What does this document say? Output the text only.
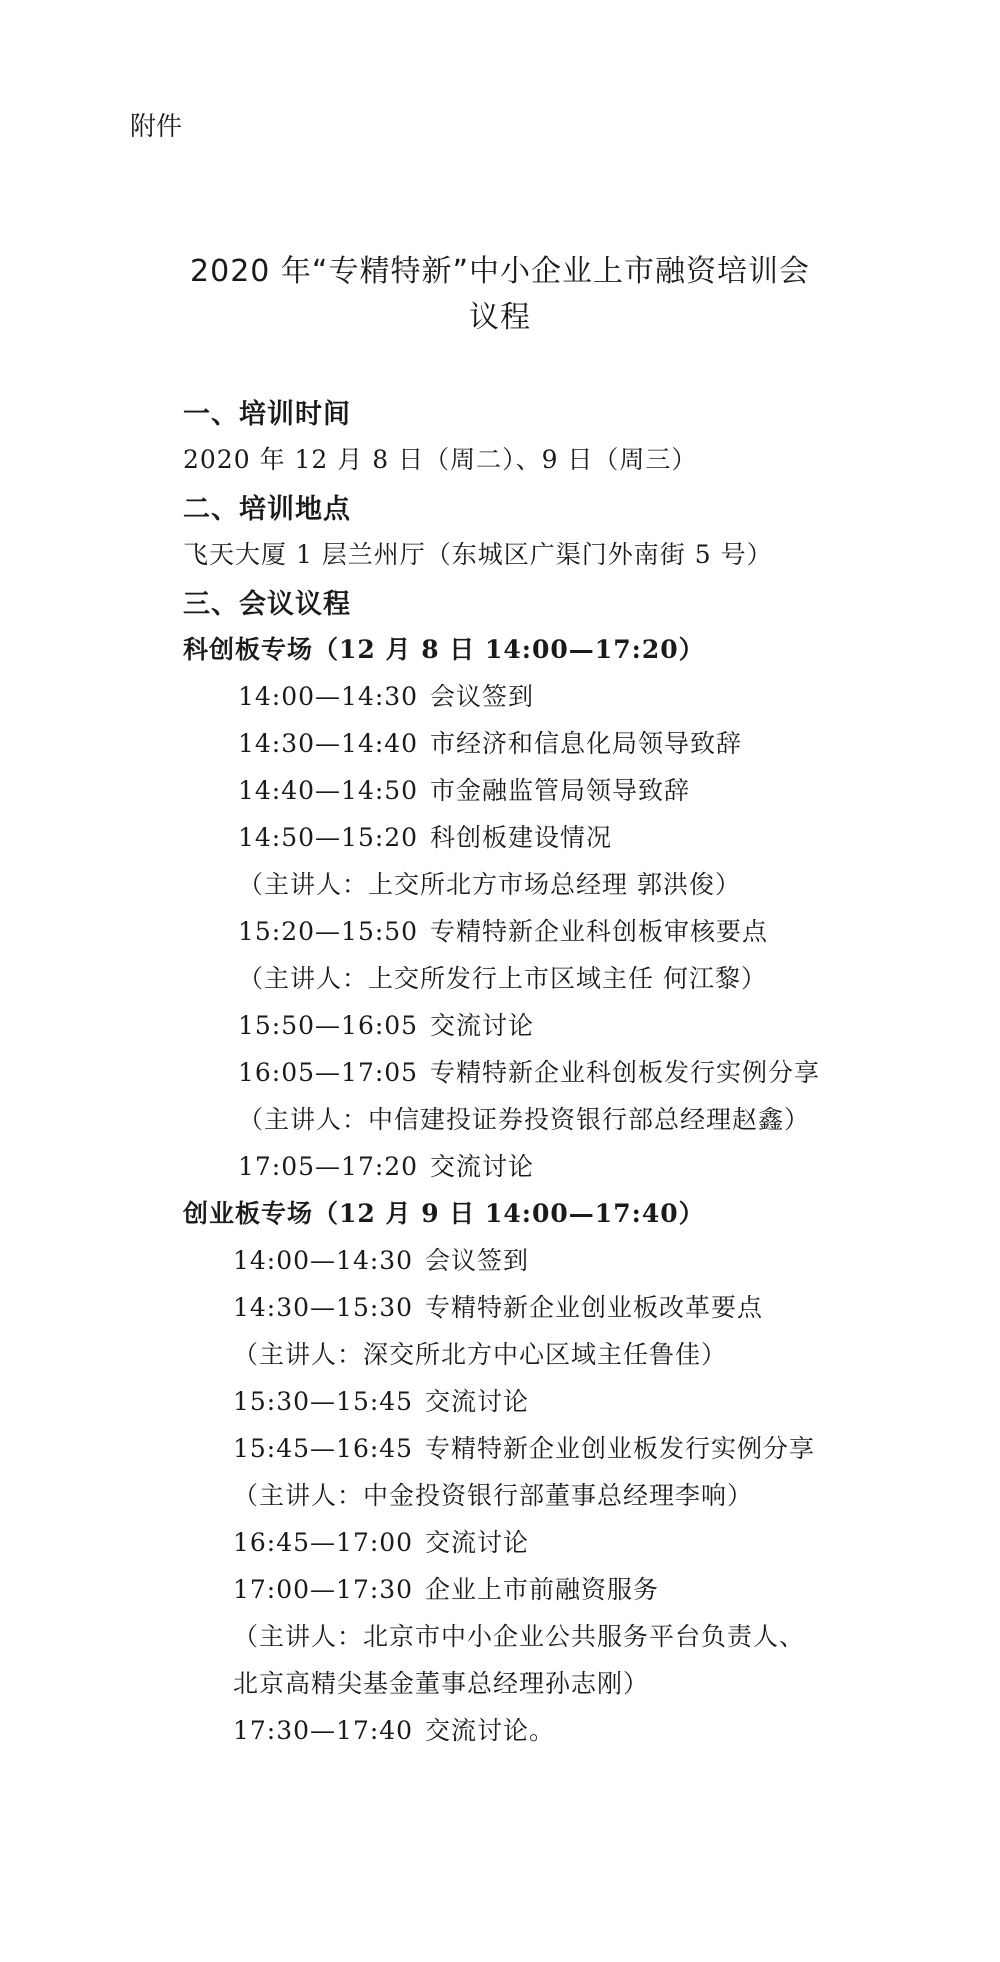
附件
2020 年“专精特新”中小企业上市融资培训会
议程
一、培训时间
2020 年 12 月 8 日（周二）、9 日（周三）
二、培训地点
飞天大厦 1 层兰州厅（东城区广渠门外南街 5 号）
三、会议议程
科创板专场（12 月 8 日 14:00—17:20）
14:00—14:30 会议签到
14:30—14:40 市经济和信息化局领导致辞
14:40—14:50 市金融监管局领导致辞
14:50—15:20 科创板建设情况
（主讲人：上交所北方市场总经理 郭洪俊）
15:20—15:50 专精特新企业科创板审核要点
（主讲人：上交所发行上市区域主任 何江黎）
15:50—16:05 交流讨论
16:05—17:05 专精特新企业科创板发行实例分享
（主讲人：中信建投证券投资银行部总经理赵鑫）
17:05—17:20 交流讨论
创业板专场（12 月 9 日 14:00—17:40）
14:00—14:30 会议签到
14:30—15:30 专精特新企业创业板改革要点
（主讲人：深交所北方中心区域主任鲁佳）
15:30—15:45 交流讨论
15:45—16:45 专精特新企业创业板发行实例分享
（主讲人：中金投资银行部董事总经理李响）
16:45—17:00 交流讨论
17:00—17:30 企业上市前融资服务
（主讲人：北京市中小企业公共服务平台负责人、
北京高精尖基金董事总经理孙志刚）
17:30—17:40 交流讨论。
